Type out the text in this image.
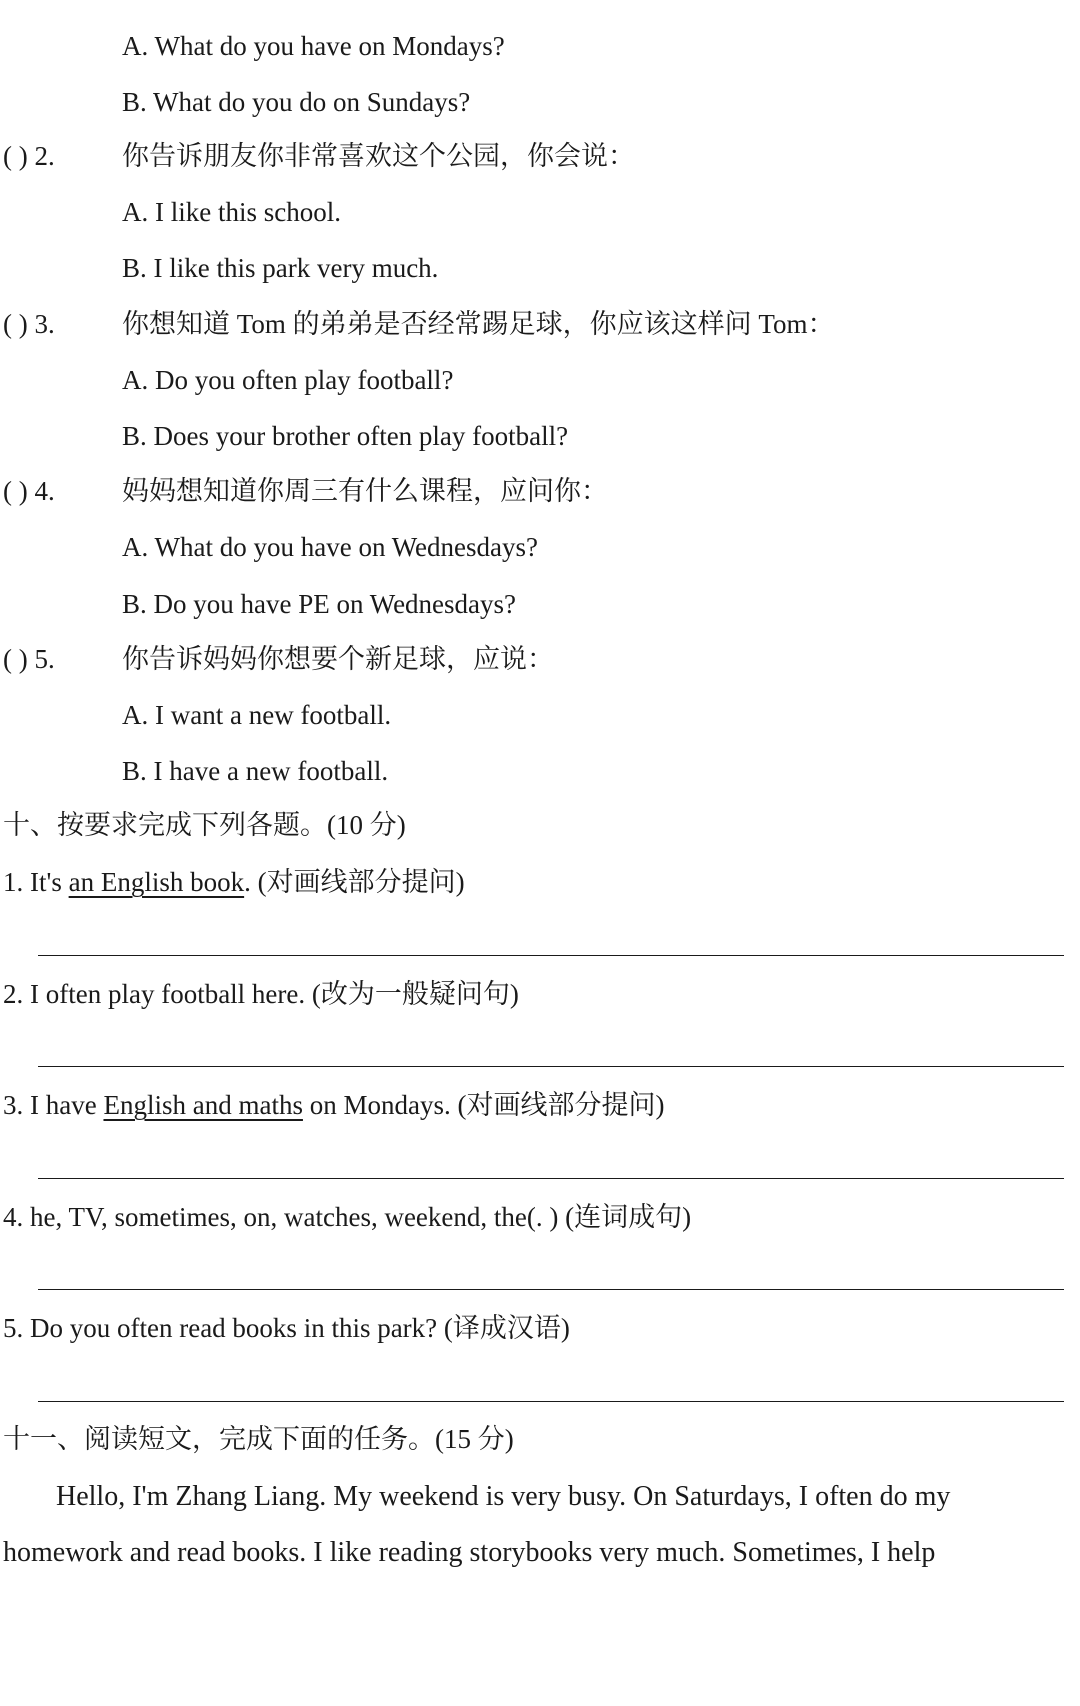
A. What do you have on Mondays?
B. What do you do on Sundays?
( ) 2. 你告诉朋友你非常喜欢这个公园，你会说：
A. I like this school.
B. I like this park very much.
( ) 3. 你想知道 Tom 的弟弟是否经常踢足球，你应该这样问 Tom：
A. Do you often play football?
B. Does your brother often play football?
( ) 4. 妈妈想知道你周三有什么课程，应问你：
A. What do you have on Wednesdays?
B. Do you have PE on Wednesdays?
( ) 5. 你告诉妈妈你想要个新足球，应说：
A. I want a new football.
B. I have a new football.
十、按要求完成下列各题。(10 分)
1. It's an English book. (对画线部分提问)
2. I often play football here. (改为一般疑问句)
3. I have English and maths on Mondays. (对画线部分提问)
4. he, TV, sometimes, on, watches, weekend, the(. ) (连词成句)
5. Do you often read books in this park? (译成汉语)
十一、阅读短文，完成下面的任务。(15 分)
Hello, I'm Zhang Liang. My weekend is very busy. On Saturdays, I often do my
homework and read books. I like reading storybooks very much. Sometimes, I help
